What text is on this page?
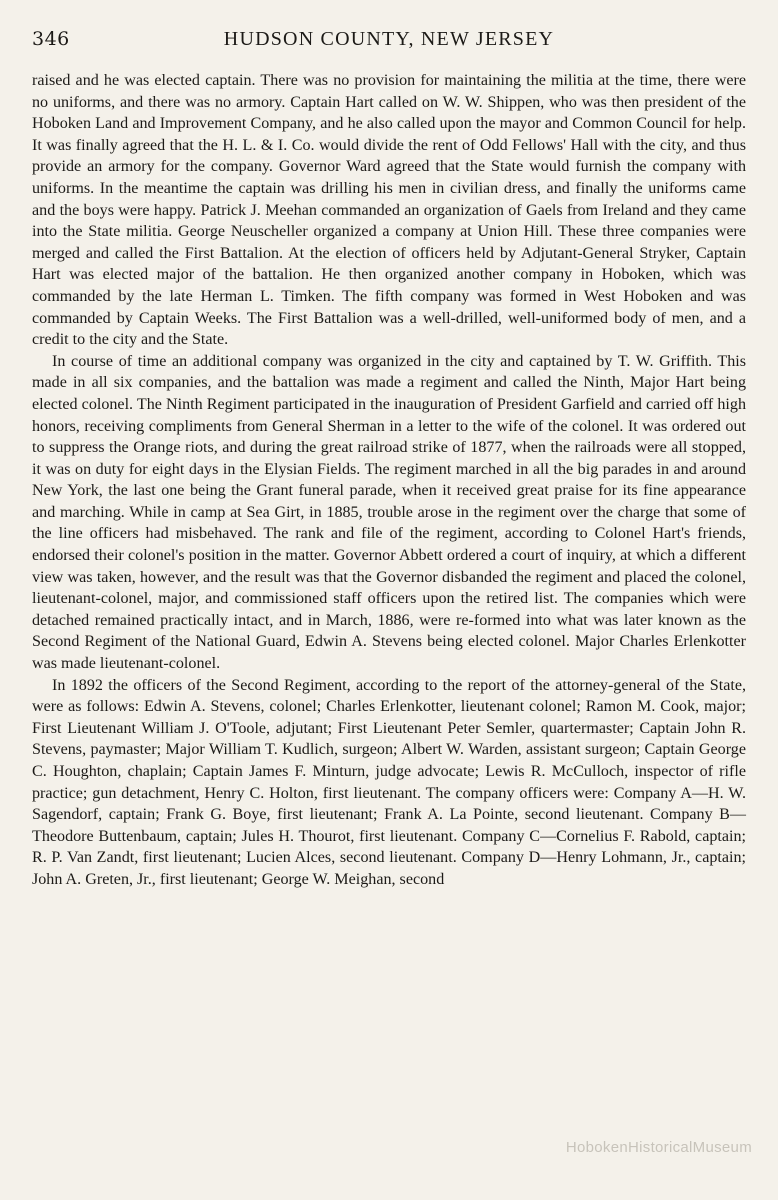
346	HUDSON COUNTY, NEW JERSEY

raised and he was elected captain. There was no provision for maintaining the militia at the time, there were no uniforms, and there was no armory. Captain Hart called on W. W. Shippen, who was then president of the Hoboken Land and Improvement Company, and he also called upon the mayor and Common Council for help. It was finally agreed that the H. L. & I. Co. would divide the rent of Odd Fellows' Hall with the city, and thus provide an armory for the company. Governor Ward agreed that the State would furnish the company with uniforms. In the meantime the captain was drilling his men in civilian dress, and finally the uniforms came and the boys were happy. Patrick J. Meehan commanded an organization of Gaels from Ireland and they came into the State militia. George Neuscheller organized a company at Union Hill. These three companies were merged and called the First Battalion. At the election of officers held by Adjutant-General Stryker, Captain Hart was elected major of the battalion. He then organized another company in Hoboken, which was commanded by the late Herman L. Timken. The fifth company was formed in West Hoboken and was commanded by Captain Weeks. The First Battalion was a well-drilled, well-uniformed body of men, and a credit to the city and the State.

In course of time an additional company was organized in the city and captained by T. W. Griffith. This made in all six companies, and the battalion was made a regiment and called the Ninth, Major Hart being elected colonel. The Ninth Regiment participated in the inauguration of President Garfield and carried off high honors, receiving compliments from General Sherman in a letter to the wife of the colonel. It was ordered out to suppress the Orange riots, and during the great railroad strike of 1877, when the railroads were all stopped, it was on duty for eight days in the Elysian Fields. The regiment marched in all the big parades in and around New York, the last one being the Grant funeral parade, when it received great praise for its fine appearance and marching. While in camp at Sea Girt, in 1885, trouble arose in the regiment over the charge that some of the line officers had misbehaved. The rank and file of the regiment, according to Colonel Hart's friends, endorsed their colonel's position in the matter. Governor Abbett ordered a court of inquiry, at which a different view was taken, however, and the result was that the Governor disbanded the regiment and placed the colonel, lieutenant-colonel, major, and commissioned staff officers upon the retired list. The companies which were detached remained practically intact, and in March, 1886, were re-formed into what was later known as the Second Regiment of the National Guard, Edwin A. Stevens being elected colonel. Major Charles Erlenkotter was made lieutenant-colonel.

In 1892 the officers of the Second Regiment, according to the report of the attorney-general of the State, were as follows: Edwin A. Stevens, colonel; Charles Erlenkotter, lieutenant colonel; Ramon M. Cook, major; First Lieutenant William J. O'Toole, adjutant; First Lieutenant Peter Semler, quartermaster; Captain John R. Stevens, paymaster; Major William T. Kudlich, surgeon; Albert W. Warden, assistant surgeon; Captain George C. Houghton, chaplain; Captain James F. Minturn, judge advocate; Lewis R. McCulloch, inspector of rifle practice; gun detachment, Henry C. Holton, first lieutenant. The company officers were: Company A—H. W. Sagendorf, captain; Frank G. Boye, first lieutenant; Frank A. La Pointe, second lieutenant. Company B—Theodore Buttenbaum, captain; Jules H. Thourot, first lieutenant. Company C—Cornelius F. Rabold, captain; R. P. Van Zandt, first lieutenant; Lucien Alces, second lieutenant. Company D—Henry Lohmann, Jr., captain; John A. Greten, Jr., first lieutenant; George W. Meighan, second

HobokenHistoricalMuseum
